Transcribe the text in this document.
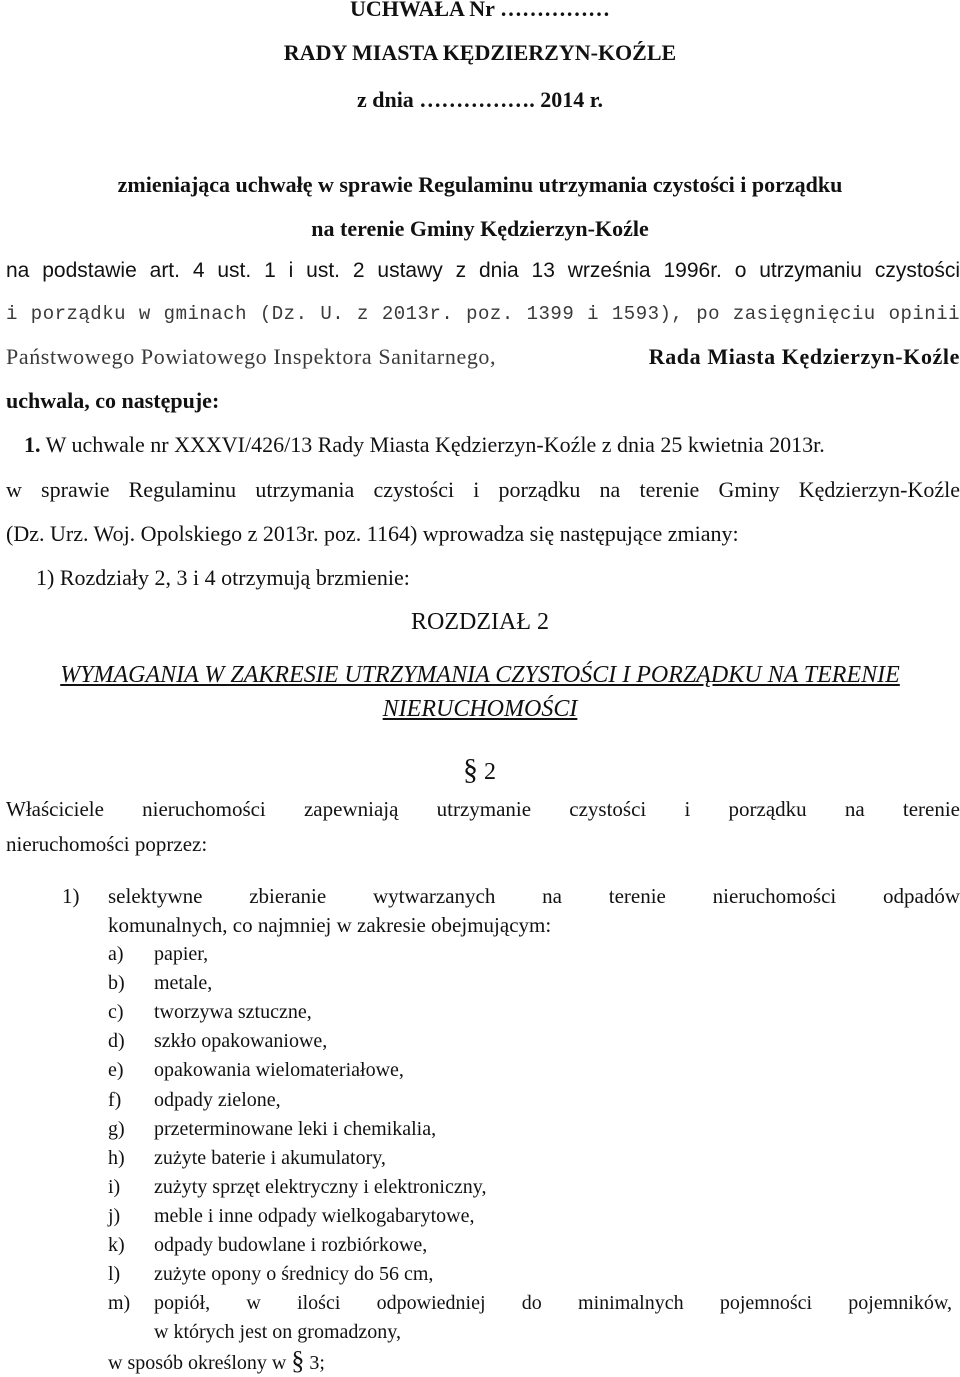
UCHWAŁA Nr ……………
RADY MIASTA KĘDZIERZYN-KOŹLE
z dnia ……………. 2014 r.
zmieniająca uchwałę w sprawie Regulaminu utrzymania czystości i porządku
na terenie Gminy Kędzierzyn-Koźle
na podstawie art. 4 ust. 1 i ust. 2 ustawy z dnia 13 września 1996r. o utrzymaniu czystości
i porządku w gminach (Dz. U. z 2013r. poz. 1399 i 1593), po zasięgnięciu opinii
Państwowego Powiatowego Inspektora Sanitarnego,	Rada Miasta Kędzierzyn-Koźle
uchwala, co następuje:
1. W uchwale nr XXXVI/426/13 Rady Miasta Kędzierzyn-Koźle z dnia 25 kwietnia 2013r.
w sprawie Regulaminu utrzymania czystości i porządku na terenie Gminy Kędzierzyn-Koźle
(Dz. Urz. Woj. Opolskiego z 2013r. poz. 1164) wprowadza się następujące zmiany:
1) Rozdziały 2, 3 i 4 otrzymują brzmienie:
ROZDZIAŁ 2
WYMAGANIA W ZAKRESIE UTRZYMANIA CZYSTOŚCI I PORZĄDKU NA TERENIE
NIERUCHOMOŚCI
§ 2
Właściciele nieruchomości zapewniają utrzymanie czystości i porządku na terenie
nieruchomości poprzez:
1) selektywne zbieranie wytwarzanych na terenie nieruchomości odpadów
komunalnych, co najmniej w zakresie obejmującym:
a) papier,
b) metale,
c) tworzywa sztuczne,
d) szkło opakowaniowe,
e) opakowania wielomateriałowe,
f) odpady zielone,
g) przeterminowane leki i chemikalia,
h) zużyte baterie i akumulatory,
i) zużyty sprzęt elektryczny i elektroniczny,
j) meble i inne odpady wielkogabarytowe,
k) odpady budowlane i rozbiórkowe,
l) zużyte opony o średnicy do 56 cm,
m) popiół, w ilości odpowiedniej do minimalnych pojemności pojemników,
w których jest on gromadzony,
w sposób określony w § 3;
